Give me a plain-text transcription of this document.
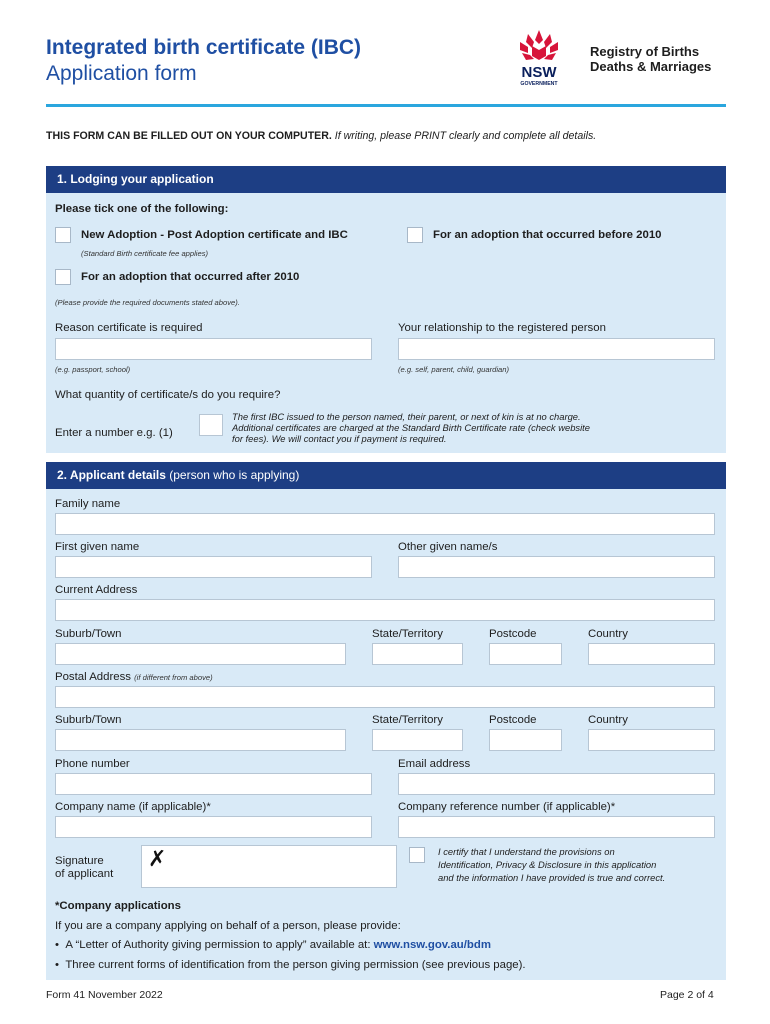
Integrated birth certificate (IBC)
Application form	NSW
GOVERNMENT
Registry of Births
Deaths & Marriages
THIS FORM CAN BE FILLED OUT ON YOUR COMPUTER. If writing, please PRINT clearly and complete all details.
1. Lodging your application
Please tick one of the following:
New Adoption - Post Adoption certificate and IBC
(Standard Birth certificate fee applies)
For an adoption that occurred before 2010
For an adoption that occurred after 2010
(Please provide the required documents stated above).
Reason certificate is required
(e.g. passport, school)
Your relationship to the registered person
(e.g. self, parent, child, guardian)
What quantity of certificate/s do you require?
Enter a number e.g. (1)
The first IBC issued to the person named, their parent, or next of kin is at no charge.
Additional certificates are charged at the Standard Birth Certificate rate (check website
for fees). We will contact you if payment is required.
2. Applicant details (person who is applying)
Family name
First given name	Other given name/s
Current Address
Suburb/Town	State/Territory	Postcode	Country
Postal Address (if different from above)
Suburb/Town	State/Territory	Postcode	Country
Phone number	Email address
Company name (if applicable)*	Company reference number (if applicable)*
Signature
of applicant
✗	I certify that I understand the provisions on
Identification, Privacy & Disclosure in this application
and the information I have provided is true and correct.
*Company applications
If you are a company applying on behalf of a person, please provide:
•  A “Letter of Authority giving permission to apply” available at: www.nsw.gov.au/bdm
•  Three current forms of identification from the person giving permission (see previous page).
Form 41 November 2022	Page 2 of 4
